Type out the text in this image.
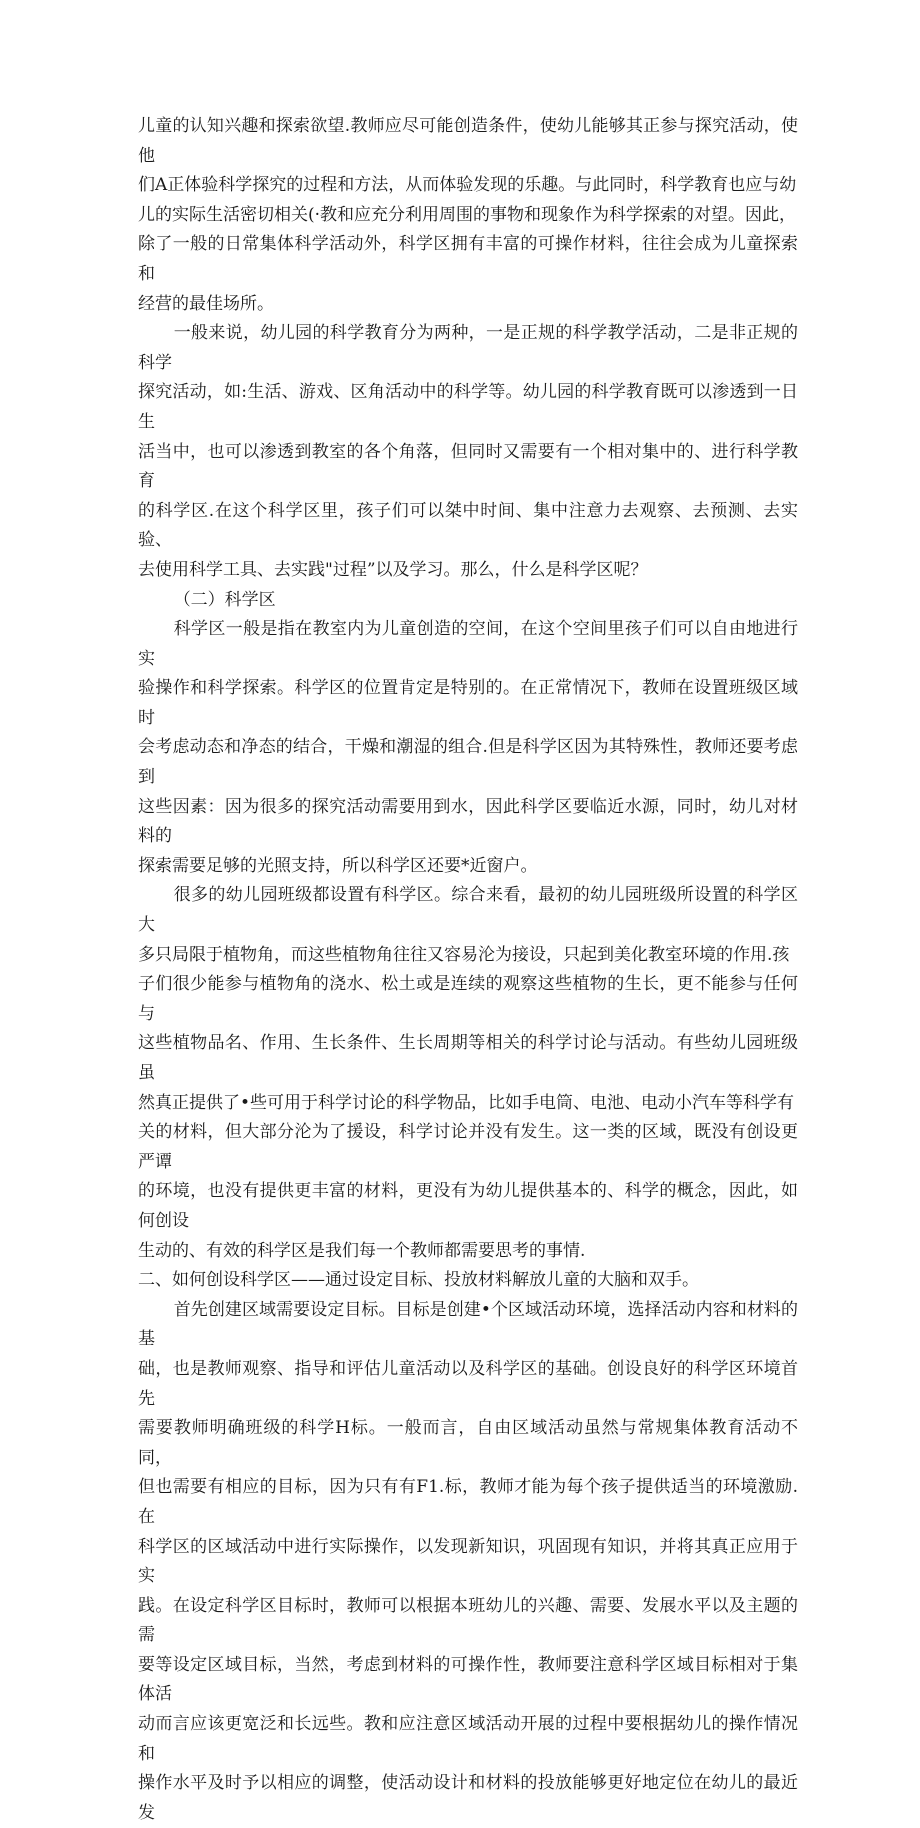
儿童的认知兴趣和探索欲望.教师应尽可能创造条件，使幼儿能够其正参与探究活动，使他
们A正体验科学探究的过程和方法，从而体验发现的乐趣。与此同时，科学教育也应与幼
儿的实际生活密切相关(·教和应充分利用周围的事物和现象作为科学探索的对望。因此，
除了一般的日常集体科学活动外，科学区拥有丰富的可操作材料，往往会成为儿童探索和
经营的最佳场所。

一般来说，幼儿园的科学教育分为两种，一是正规的科学教学活动，二是非正规的科学
探究活动，如:生活、游戏、区角活动中的科学等。幼儿园的科学教育既可以渗透到一日生
活当中，也可以渗透到教室的各个角落，但同时又需要有一个相对集中的、进行科学教育
的科学区.在这个科学区里，孩子们可以桀中时间、集中注意力去观察、去预测、去实验、
去使用科学工具、去实践"过程”以及学习。那么，什么是科学区呢？

（二）科学区

科学区一般是指在教室内为儿童创造的空间，在这个空间里孩子们可以自由地进行实
验操作和科学探索。科学区的位置肯定是特别的。在正常情况下，教师在设置班级区域时
会考虑动态和净态的结合，干燥和潮湿的组合.但是科学区因为其特殊性，教师还要考虑到
这些因素：因为很多的探究活动需要用到水，因此科学区要临近水源，同时，幼儿对材料的
探索需要足够的光照支持，所以科学区还要*近窗户。

很多的幼儿园班级都设置有科学区。综合来看，最初的幼儿园班级所设置的科学区大
多只局限于植物角，而这些植物角往往又容易沦为接设，只起到美化教室环境的作用.孩
子们很少能参与植物角的浇水、松土或是连续的观察这些植物的生长，更不能参与任何与
这些植物品名、作用、生长条件、生长周期等相关的科学讨论与活动。有些幼儿园班级虽
然真正提供了•些可用于科学讨论的科学物品，比如手电筒、电池、电动小汽车等科学有
关的材料，但大部分沦为了援设，科学讨论并没有发生。这一类的区域，既没有创设更严谭
的环境，也没有提供更丰富的材料，更没有为幼儿提供基本的、科学的概念，因此，如何创设
生动的、有效的科学区是我们每一个教师都需要思考的事情.

二、如何创设科学区——通过设定目标、投放材料解放儿童的大脑和双手。

首先创建区域需要设定目标。目标是创建•个区域活动环境，选择活动内容和材料的基
础，也是教师观察、指导和评估儿童活动以及科学区的基础。创设良好的科学区环境首先
需要教师明确班级的科学H标。一般而言，自由区域活动虽然与常规集体教育活动不同，
但也需要有相应的目标，因为只有有F1.标，教师才能为每个孩子提供适当的环境激励.在
科学区的区域活动中进行实际操作，以发现新知识，巩固现有知识，并将其真正应用于实
践。在设定科学区目标时，教师可以根据本班幼儿的兴趣、需要、发展水平以及主题的需
要等设定区域目标，当然，考虑到材料的可操作性，教师要注意科学区域目标相对于集体活
动而言应该更宽泛和长远些。教和应注意区域活动开展的过程中要根据幼儿的操作情况和
操作水平及时予以相应的调整，使活动设计和材料的投放能够更好地定位在幼儿的最近发
